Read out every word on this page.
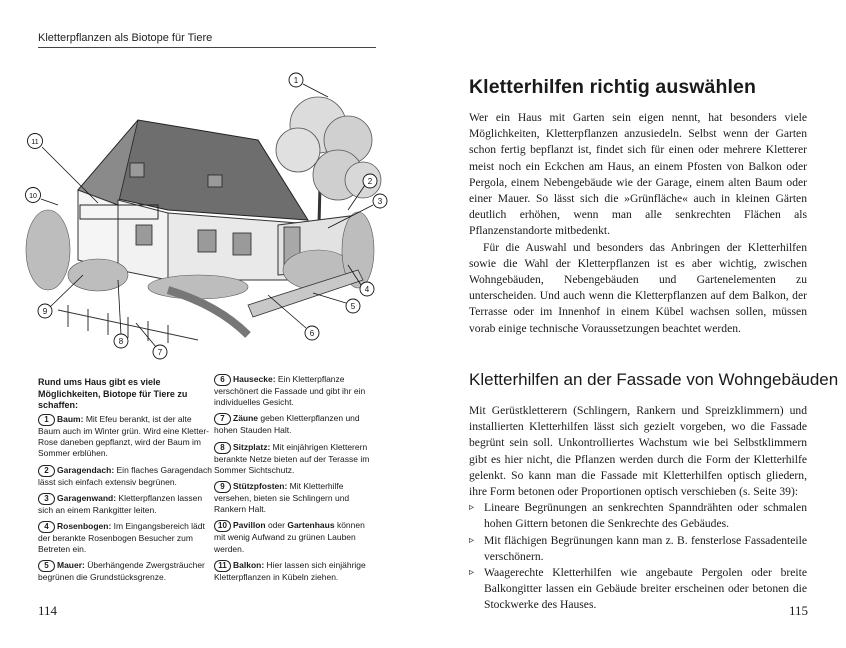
Kletterpflanzen als Biotope für Tiere
1
2
3
4
5
6
7
8
9
10
11
Rund ums Haus gibt es viele Möglichkeiten, Biotope für Tiere zu schaffen:
1 Baum: Mit Efeu berankt, ist der alte Baum auch im Winter grün. Wird eine Kletter-Rose daneben gepflanzt, wird der Baum im Sommer erblühen.
2 Garagendach: Ein flaches Garagendach lässt sich einfach extensiv begrünen.
3 Garagenwand: Kletterpflanzen lassen sich an einem Rankgitter leiten.
4 Rosenbogen: Im Eingangsbereich lädt der berankte Rosenbogen Besucher zum Betreten ein.
5 Mauer: Überhängende Zwergsträucher begrünen die Grundstücksgrenze.
6 Hausecke: Ein Kletterpflanze verschönert die Fassade und gibt ihr ein individuelles Gesicht.
7 Zäune geben Kletterpflanzen und hohen Stauden Halt.
8 Sitzplatz: Mit einjährigen Kletterern berankte Netze bieten auf der Terasse im Sommer Sichtschutz.
9 Stützpfosten: Mit Kletterhilfe versehen, bieten sie Schlingern und Rankern Halt.
10 Pavillon oder Gartenhaus können mit wenig Aufwand zu grünen Lauben werden.
11 Balkon: Hier lassen sich einjährige Kletterpflanzen in Kübeln ziehen.
114
Kletterhilfen richtig auswählen

Wer ein Haus mit Garten sein eigen nennt, hat besonders viele Möglichkeiten, Kletterpflanzen anzusiedeln. Selbst wenn der Garten schon fertig bepflanzt ist, findet sich für einen oder mehrere Kletterer meist noch ein Eckchen am Haus, an einem Pfosten von Balkon oder Pergola, einem Nebengebäude wie der Garage, einem alten Baum oder einer Mauer. So lässt sich die »Grünfläche« auch in kleinen Gärten deutlich erhöhen, wenn man alle senkrechten Flächen als Pflanzenstandorte mitbedenkt.

Für die Auswahl und besonders das Anbringen der Kletterhilfen sowie die Wahl der Kletterpflanzen ist es aber wichtig, zwischen Wohngebäuden, Nebengebäuden und Gartenelementen zu unterscheiden. Und auch wenn die Kletterpflanzen auf dem Balkon, der Terrasse oder im Innenhof in einem Kübel wachsen sollen, müssen vorab einige technische Voraussetzungen beachtet werden.

Kletterhilfen an der Fassade von Wohngebäuden

Mit Gerüstkletterern (Schlingern, Rankern und Spreizklimmern) und installierten Kletterhilfen lässt sich gezielt vorgeben, wo die Fassade begrünt sein soll. Unkontrolliertes Wachstum wie bei Selbstklimmern gibt es hier nicht, die Pflanzen werden durch die Form der Kletterhilfe gelenkt. So kann man die Fassade mit Kletterhilfen optisch gliedern, ihre Form betonen oder Proportionen optisch verschieben (s. Seite 39):

▹ Lineare Begrünungen an senkrechten Spanndrähten oder schmalen hohen Gittern betonen die Senkrechte des Gebäudes.
▹ Mit flächigen Begrünungen kann man z. B. fensterlose Fassadenteile verschönern.
▹ Waagerechte Kletterhilfen wie angebaute Pergolen oder breite Balkongitter lassen ein Gebäude breiter erscheinen oder betonen die Stockwerke des Hauses.	115
